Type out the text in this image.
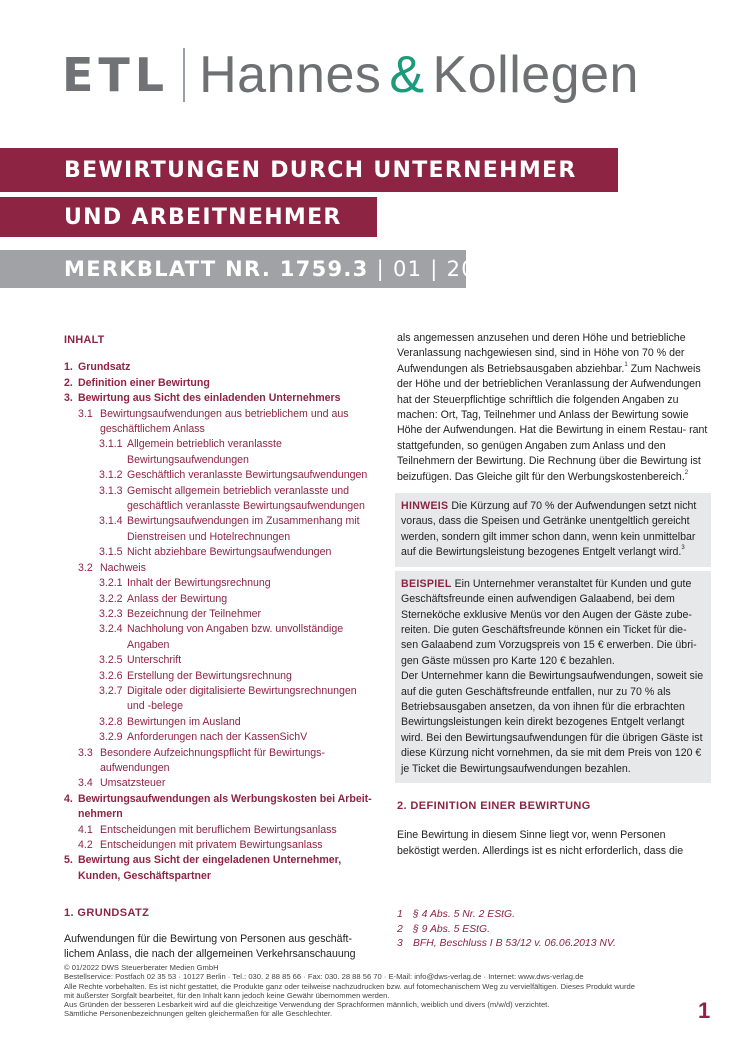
ETL Hannes & Kollegen
BEWIRTUNGEN DURCH UNTERNEHMER
UND ARBEITNEHMER
MERKBLATT NR. 1759.3 | 01 | 2022
INHALT
1. Grundsatz
2. Definition einer Bewirtung
3. Bewirtung aus Sicht des einladenden Unternehmers
3.1 Bewirtungsaufwendungen aus betrieblichem und aus geschäftlichem Anlass
3.1.1 Allgemein betrieblich veranlasste Bewirtungsaufwendungen
3.1.2 Geschäftlich veranlasste Bewirtungsaufwendungen
3.1.3 Gemischt allgemein betrieblich veranlasste und geschäftlich veranlasste Bewirtungsaufwendungen
3.1.4 Bewirtungsaufwendungen im Zusammenhang mit Dienstreisen und Hotelrechnungen
3.1.5 Nicht abziehbare Bewirtungsaufwendungen
3.2 Nachweis
3.2.1 Inhalt der Bewirtungsrechnung
3.2.2 Anlass der Bewirtung
3.2.3 Bezeichnung der Teilnehmer
3.2.4 Nachholung von Angaben bzw. unvollständige Angaben
3.2.5 Unterschrift
3.2.6 Erstellung der Bewirtungsrechnung
3.2.7 Digitale oder digitalisierte Bewirtungsrechnungen und -belege
3.2.8 Bewirtungen im Ausland
3.2.9 Anforderungen nach der KassenSichV
3.3 Besondere Aufzeichnungspflicht für Bewirtungs- aufwendungen
3.4 Umsatzsteuer
4. Bewirtungsaufwendungen als Werbungskosten bei Arbeit- nehmern
4.1 Entscheidungen mit beruflichem Bewirtungsanlass
4.2 Entscheidungen mit privatem Bewirtungsanlass
5. Bewirtung aus Sicht der eingeladenen Unternehmer, Kunden, Geschäftspartner
1. GRUNDSATZ

Aufwendungen für die Bewirtung von Personen aus geschäft- lichem Anlass, die nach der allgemeinen Verkehrsanschauung

als angemessen anzusehen und deren Höhe und betriebliche Veranlassung nachgewiesen sind, sind in Höhe von 70 % der Aufwendungen als Betriebsausgaben abziehbar.$^1$ Zum Nachweis der Höhe und der betrieblichen Veranlassung der Aufwendungen hat der Steuerpflichtige schriftlich die folgenden Angaben zu machen: Ort, Tag, Teilnehmer und Anlass der Bewirtung sowie Höhe der Aufwendungen. Hat die Bewirtung in einem Restau- rant stattgefunden, so genügen Angaben zum Anlass und den Teilnehmern der Bewirtung. Die Rechnung über die Bewirtung ist beizufügen. Das Gleiche gilt für den Werbungskostenbereich.$^2$

HINWEIS Die Kürzung auf 70 % der Aufwendungen setzt nicht voraus, dass die Speisen und Getränke unentgeltlich gereicht werden, sondern gilt immer schon dann, wenn kein unmittelbar auf die Bewirtungsleistung bezogenes Entgelt verlangt wird.$^3$
BEISPIEL Ein Unternehmer veranstaltet für Kunden und gute Geschäftsfreunde einen aufwendigen Galaabend, bei dem Sterneköche exklusive Menüs vor den Augen der Gäste zube- reiten. Die guten Geschäftsfreunde können ein Ticket für die- sen Galaabend zum Vorzugspreis von 15 € erwerben. Die übri- gen Gäste müssen pro Karte 120 € bezahlen.
Der Unternehmer kann die Bewirtungsaufwendungen, soweit sie auf die guten Geschäftsfreunde entfallen, nur zu 70 % als Betriebsausgaben ansetzen, da von ihnen für die erbrachten Bewirtungsleistungen kein direkt bezogenes Entgelt verlangt wird. Bei den Bewirtungsaufwendungen für die übrigen Gäste ist diese Kürzung nicht vornehmen, da sie mit dem Preis von 120 € je Ticket die Bewirtungsaufwendungen bezahlen.
2. DEFINITION EINER BEWIRTUNG

Eine Bewirtung in diesem Sinne liegt vor, wenn Personen beköstigt werden. Allerdings ist es nicht erforderlich, dass die

1 § 4 Abs. 5 Nr. 2 EStG.
2 § 9 Abs. 5 EStG.
3 BFH, Beschluss I B 53/12 v. 06.06.2013 NV.
© 01/2022 DWS Steuerberater Medien GmbH
Bestellservice: Postfach 02 35 53 · 10127 Berlin · Tel.: 030. 2 88 85 66 · Fax: 030. 28 88 56 70 · E-Mail: info@dws-verlag.de · Internet: www.dws-verlag.de
Alle Rechte vorbehalten. Es ist nicht gestattet, die Produkte ganz oder teilweise nachzudrucken bzw. auf fotomechanischem Weg zu vervielfältigen. Dieses Produkt wurde
mit äußerster Sorgfalt bearbeitet, für den Inhalt kann jedoch keine Gewähr übernommen werden.
Aus Gründen der besseren Lesbarkeit wird auf die gleichzeitige Verwendung der Sprachformen männlich, weiblich und divers (m/w/d) verzichtet.
Sämtliche Personenbezeichnungen gelten gleichermaßen für alle Geschlechter.	1
